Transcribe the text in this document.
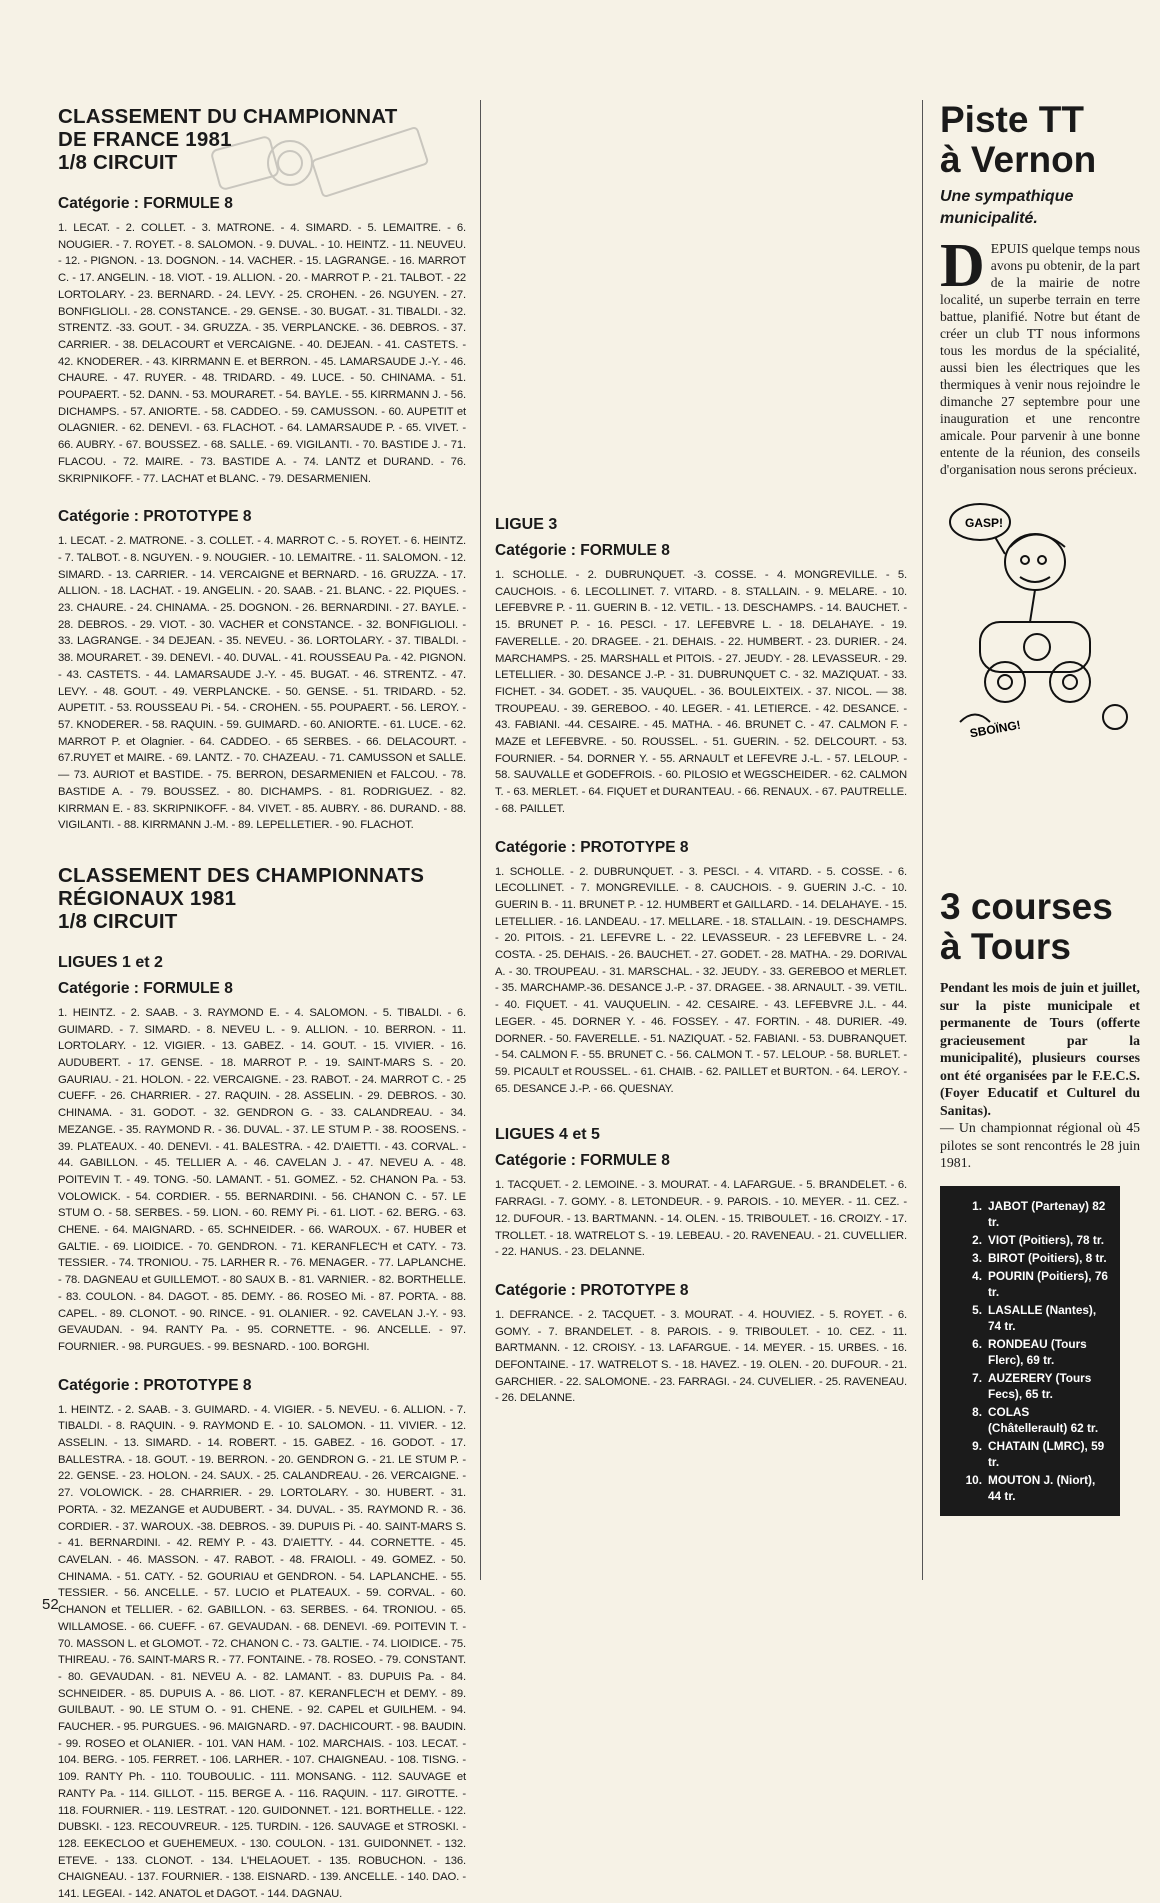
CLASSEMENT DU CHAMPIONNAT
DE FRANCE 1981
1/8 CIRCUIT
Catégorie : FORMULE 8

1. LECAT. - 2. COLLET. - 3. MATRONE. - 4. SIMARD. - 5. LEMAITRE. - 6. NOUGIER. - 7. ROYET. - 8. SALOMON. - 9. DUVAL. - 10. HEINTZ. - 11. NEUVEU. - 12. - PIGNON. - 13. DOGNON. - 14. VACHER. - 15. LAGRANGE. - 16. MARROT C. - 17. ANGELIN. - 18. VIOT. - 19. ALLION. - 20. - MARROT P. - 21. TALBOT. - 22 LORTOLARY. - 23. BERNARD. - 24. LEVY. - 25. CROHEN. - 26. NGUYEN. - 27. BONFIGLIOLI. - 28. CONSTANCE. - 29. GENSE. - 30. BUGAT. - 31. TIBALDI. - 32. STRENTZ. -33. GOUT. - 34. GRUZZA. - 35. VERPLANCKE. - 36. DEBROS. - 37. CARRIER. - 38. DELACOURT et VERCAIGNE. - 40. DEJEAN. - 41. CASTETS. - 42. KNODERER. - 43. KIRRMANN E. et BERRON. - 45. LAMARSAUDE J.-Y. - 46. CHAURE. - 47. RUYER. - 48. TRIDARD. - 49. LUCE. - 50. CHINAMA. - 51. POUPAERT. - 52. DANN. - 53. MOURARET. - 54. BAYLE. - 55. KIRRMANN J. - 56. DICHAMPS. - 57. ANIORTE. - 58. CADDEO. - 59. CAMUSSON. - 60. AUPETIT et OLAGNIER. - 62. DENEVI. - 63. FLACHOT. - 64. LAMARSAUDE P. - 65. VIVET. - 66. AUBRY. - 67. BOUSSEZ. - 68. SALLE. - 69. VIGILANTI. - 70. BASTIDE J. - 71. FLACOU. - 72. MAIRE. - 73. BASTIDE A. - 74. LANTZ et DURAND. - 76. SKRIPNIKOFF. - 77. LACHAT et BLANC. - 79. DESARMENIEN.

Catégorie : PROTOTYPE 8

1. LECAT. - 2. MATRONE. - 3. COLLET. - 4. MARROT C. - 5. ROYET. - 6. HEINTZ. - 7. TALBOT. - 8. NGUYEN. - 9. NOUGIER. - 10. LEMAITRE. - 11. SALOMON. - 12. SIMARD. - 13. CARRIER. - 14. VERCAIGNE et BERNARD. - 16. GRUZZA. - 17. ALLION. - 18. LACHAT. - 19. ANGELIN. - 20. SAAB. - 21. BLANC. - 22. PIQUES. - 23. CHAURE. - 24. CHINAMA. - 25. DOGNON. - 26. BERNARDINI. - 27. BAYLE. - 28. DEBROS. - 29. VIOT. - 30. VACHER et CONSTANCE. - 32. BONFIGLIOLI. - 33. LAGRANGE. - 34 DEJEAN. - 35. NEVEU. - 36. LORTOLARY. - 37. TIBALDI. - 38. MOURARET. - 39. DENEVI. - 40. DUVAL. - 41. ROUSSEAU Pa. - 42. PIGNON. - 43. CASTETS. - 44. LAMARSAUDE J.-Y. - 45. BUGAT. - 46. STRENTZ. - 47. LEVY. - 48. GOUT. - 49. VERPLANCKE. - 50. GENSE. - 51. TRIDARD. - 52. AUPETIT. - 53. ROUSSEAU Pi. - 54. - CROHEN. - 55. POUPAERT. - 56. LEROY. - 57. KNODERER. - 58. RAQUIN. - 59. GUIMARD. - 60. ANIORTE. - 61. LUCE. - 62. MARROT P. et Olagnier. - 64. CADDEO. - 65 SERBES. - 66. DELACOURT. - 67.RUYET et MAIRE. - 69. LANTZ. - 70. CHAZEAU. - 71. CAMUSSON et SALLE. — 73. AURIOT et BASTIDE. - 75. BERRON, DESARMENIEN et FALCOU. - 78. BASTIDE A. - 79. BOUSSEZ. - 80. DICHAMPS. - 81. RODRIGUEZ. - 82. KIRRMAN E. - 83. SKRIPNIKOFF. - 84. VIVET. - 85. AUBRY. - 86. DURAND. - 88. VIGILANTI. - 88. KIRRMANN J.-M. - 89. LEPELLETIER. - 90. FLACHOT.

CLASSEMENT DES CHAMPIONNATS
RÉGIONAUX 1981
1/8 CIRCUIT
LIGUES 1 et 2
Catégorie : FORMULE 8

1. HEINTZ. - 2. SAAB. - 3. RAYMOND E. - 4. SALOMON. - 5. TIBALDI. - 6. GUIMARD. - 7. SIMARD. - 8. NEVEU L. - 9. ALLION. - 10. BERRON. - 11. LORTOLARY. - 12. VIGIER. - 13. GABEZ. - 14. GOUT. - 15. VIVIER. - 16. AUDUBERT. - 17. GENSE. - 18. MARROT P. - 19. SAINT-MARS S. - 20. GAURIAU. - 21. HOLON. - 22. VERCAIGNE. - 23. RABOT. - 24. MARROT C. - 25 CUEFF. - 26. CHARRIER. - 27. RAQUIN. - 28. ASSELIN. - 29. DEBROS. - 30. CHINAMA. - 31. GODOT. - 32. GENDRON G. - 33. CALANDREAU. - 34. MEZANGE. - 35. RAYMOND R. - 36. DUVAL. - 37. LE STUM P. - 38. ROOSENS. - 39. PLATEAUX. - 40. DENEVI. - 41. BALESTRA. - 42. D'AIETTI. - 43. CORVAL. - 44. GABILLON. - 45. TELLIER A. - 46. CAVELAN J. - 47. NEVEU A. - 48. POITEVIN T. - 49. TONG. -50. LAMANT. - 51. GOMEZ. - 52. CHANON Pa. - 53. VOLOWICK. - 54. CORDIER. - 55. BERNARDINI. - 56. CHANON C. - 57. LE STUM O. - 58. SERBES. - 59. LION. - 60. REMY Pi. - 61. LIOT. - 62. BERG. - 63. CHENE. - 64. MAIGNARD. - 65. SCHNEIDER. - 66. WAROUX. - 67. HUBER et GALTIE. - 69. LIOIDICE. - 70. GENDRON. - 71. KERANFLEC'H et CATY. - 73. TESSIER. - 74. TRONIOU. - 75. LARHER R. - 76. MENAGER. - 77. LAPLANCHE. - 78. DAGNEAU et GUILLEMOT. - 80 SAUX B. - 81. VARNIER. - 82. BORTHELLE. - 83. COULON. - 84. DAGOT. - 85. DEMY. - 86. ROSEO Mi. - 87. PORTA. - 88. CAPEL. - 89. CLONOT. - 90. RINCE. - 91. OLANIER. - 92. CAVELAN J.-Y. - 93. GEVAUDAN. - 94. RANTY Pa. - 95. CORNETTE. - 96. ANCELLE. - 97. FOURNIER. - 98. PURGUES. - 99. BESNARD. - 100. BORGHI.

Catégorie : PROTOTYPE 8

1. HEINTZ. - 2. SAAB. - 3. GUIMARD. - 4. VIGIER. - 5. NEVEU. - 6. ALLION. - 7. TIBALDI. - 8. RAQUIN. - 9. RAYMOND E. - 10. SALOMON. - 11. VIVIER. - 12. ASSELIN. - 13. SIMARD. - 14. ROBERT. - 15. GABEZ. - 16. GODOT. - 17. BALLESTRA. - 18. GOUT. - 19. BERRON. - 20. GENDRON G. - 21. LE STUM P. - 22. GENSE. - 23. HOLON. - 24. SAUX. - 25. CALANDREAU. - 26. VERCAIGNE. - 27. VOLOWICK. - 28. CHARRIER. - 29. LORTOLARY. - 30. HUBERT. - 31. PORTA. - 32. MEZANGE et AUDUBERT. - 34. DUVAL. - 35. RAYMOND R. - 36. CORDIER. - 37. WAROUX. -38. DEBROS. - 39. DUPUIS Pi. - 40. SAINT-MARS S. - 41. BERNARDINI. - 42. REMY P. - 43. D'AIETTY. - 44. CORNETTE. - 45. CAVELAN. - 46. MASSON. - 47. RABOT. - 48. FRAIOLI. - 49. GOMEZ. - 50. CHINAMA. - 51. CATY. - 52. GOURIAU et GENDRON. - 54. LAPLANCHE. - 55. TESSIER. - 56. ANCELLE. - 57. LUCIO et PLATEAUX. - 59. CORVAL. - 60. CHANON et TELLIER. - 62. GABILLON. - 63. SERBES. - 64. TRONIOU. - 65. WILLAMOSE. - 66. CUEFF. - 67. GEVAUDAN. - 68. DENEVI. -69. POITEVIN T. - 70. MASSON L. et GLOMOT. - 72. CHANON C. - 73. GALTIE. - 74. LIOIDICE. - 75. THIREAU. - 76. SAINT-MARS R. - 77. FONTAINE. - 78. ROSEO. - 79. CONSTANT. - 80. GEVAUDAN. - 81. NEVEU A. - 82. LAMANT. - 83. DUPUIS Pa. - 84. SCHNEIDER. - 85. DUPUIS A. - 86. LIOT. - 87. KERANFLEC'H et DEMY. - 89. GUILBAUT. - 90. LE STUM O. - 91. CHENE. - 92. CAPEL et GUILHEM. - 94. FAUCHER. - 95. PURGUES. - 96. MAIGNARD. - 97. DACHICOURT. - 98. BAUDIN. - 99. ROSEO et OLANIER. - 101. VAN HAM. - 102. MARCHAIS. - 103. LECAT. - 104. BERG. - 105. FERRET. - 106. LARHER. - 107. CHAIGNEAU. - 108. TISNG. - 109. RANTY Ph. - 110. TOUBOULIC. - 111. MONSANG. - 112. SAUVAGE et RANTY Pa. - 114. GILLOT. - 115. BERGE A. - 116. RAQUIN. - 117. GIROTTE. - 118. FOURNIER. - 119. LESTRAT. - 120. GUIDONNET. - 121. BORTHELLE. - 122. DUBSKI. - 123. RECOUVREUR. - 125. TURDIN. - 126. SAUVAGE et STROSKI. - 128. EEKECLOO et GUEHEMEUX. - 130. COULON. - 131. GUIDONNET. - 132. ETEVE. - 133. CLONOT. - 134. L'HELAOUET. - 135. ROBUCHON. - 136. CHAIGNEAU. - 137. FOURNIER. - 138. EISNARD. - 139. ANCELLE. - 140. DAO. - 141. LEGEAI. - 142. ANATOL et DAGOT. - 144. DAGNAU.

LIGUE 3
Catégorie : FORMULE 8

1. SCHOLLE. - 2. DUBRUNQUET. -3. COSSE. - 4. MONGREVILLE. - 5. CAUCHOIS. - 6. LECOLLINET. 7. VITARD. - 8. STALLAIN. - 9. MELARE. - 10. LEFEBVRE P. - 11. GUERIN B. - 12. VETIL. - 13. DESCHAMPS. - 14. BAUCHET. - 15. BRUNET P. - 16. PESCI. - 17. LEFEBVRE L. - 18. DELAHAYE. - 19. FAVERELLE. - 20. DRAGEE. - 21. DEHAIS. - 22. HUMBERT. - 23. DURIER. - 24. MARCHAMPS. - 25. MARSHALL et PITOIS. - 27. JEUDY. - 28. LEVASSEUR. - 29. LETELLIER. - 30. DESANCE J.-P. - 31. DUBRUNQUET C. - 32. MAZIQUAT. - 33. FICHET. - 34. GODET. - 35. VAUQUEL. - 36. BOULEIXTEIX. - 37. NICOL. — 38. TROUPEAU. - 39. GEREBOO. - 40. LEGER. - 41. LETIERCE. - 42. DESANCE. - 43. FABIANI. -44. CESAIRE. - 45. MATHA. - 46. BRUNET C. - 47. CALMON F. - MAZE et LEFEBVRE. - 50. ROUSSEL. - 51. GUERIN. - 52. DELCOURT. - 53. FOURNIER. - 54. DORNER Y. - 55. ARNAULT et LEFEVRE J.-L. - 57. LELOUP. - 58. SAUVALLE et GODEFROIS. - 60. PILOSIO et WEGSCHEIDER. - 62. CALMON T. - 63. MERLET. - 64. FIQUET et DURANTEAU. - 66. RENAUX. - 67. PAUTRELLE. - 68. PAILLET.

Catégorie : PROTOTYPE 8

1. SCHOLLE. - 2. DUBRUNQUET. - 3. PESCI. - 4. VITARD. - 5. COSSE. - 6. LECOLLINET. - 7. MONGREVILLE. - 8. CAUCHOIS. - 9. GUERIN J.-C. - 10. GUERIN B. - 11. BRUNET P. - 12. HUMBERT et GAILLARD. - 14. DELAHAYE. - 15. LETELLIER. - 16. LANDEAU. - 17. MELLARE. - 18. STALLAIN. - 19. DESCHAMPS. - 20. PITOIS. - 21. LEFEVRE L. - 22. LEVASSEUR. - 23 LEFEBVRE L. - 24. COSTA. - 25. DEHAIS. - 26. BAUCHET. - 27. GODET. - 28. MATHA. - 29. DORIVAL A. - 30. TROUPEAU. - 31. MARSCHAL. - 32. JEUDY. - 33. GEREBOO et MERLET. - 35. MARCHAMP.-36. DESANCE J.-P. - 37. DRAGEE. - 38. ARNAULT. - 39. VETIL. - 40. FIQUET. - 41. VAUQUELIN. - 42. CESAIRE. - 43. LEFEBVRE J.L. - 44. LEGER. - 45. DORNER Y. - 46. FOSSEY. - 47. FORTIN. - 48. DURIER. -49. DORNER. - 50. FAVERELLE. - 51. NAZIQUAT. - 52. FABIANI. - 53. DUBRANQUET. - 54. CALMON F. - 55. BRUNET C. - 56. CALMON T. - 57. LELOUP. - 58. BURLET. - 59. PICAULT et ROUSSEL. - 61. CHAIB. - 62. PAILLET et BURTON. - 64. LEROY. - 65. DESANCE J.-P. - 66. QUESNAY.

LIGUES 4 et 5
Catégorie : FORMULE 8

1. TACQUET. - 2. LEMOINE. - 3. MOURAT. - 4. LAFARGUE. - 5. BRANDELET. - 6. FARRAGI. - 7. GOMY. - 8. LETONDEUR. - 9. PAROIS. - 10. MEYER. - 11. CEZ. - 12. DUFOUR. - 13. BARTMANN. - 14. OLEN. - 15. TRIBOULET. - 16. CROIZY. - 17. TROLLET. - 18. WATRELOT S. - 19. LEBEAU. - 20. RAVENEAU. - 21. CUVELLIER. - 22. HANUS. - 23. DELANNE.

Catégorie : PROTOTYPE 8

1. DEFRANCE. - 2. TACQUET. - 3. MOURAT. - 4. HOUVIEZ. - 5. ROYET. - 6. GOMY. - 7. BRANDELET. - 8. PAROIS. - 9. TRIBOULET. - 10. CEZ. - 11. BARTMANN. - 12. CROISY. - 13. LAFARGUE. - 14. MEYER. - 15. URBES. - 16. DEFONTAINE. - 17. WATRELOT S. - 18. HAVEZ. - 19. OLEN. - 20. DUFOUR. - 21. GARCHIER. - 22. SALOMONE. - 23. FARRAGI. - 24. CUVELIER. - 25. RAVENEAU. - 26. DELANNE.

Piste TT
à Vernon

Une sympathique
municipalité.

DEPUIS quelque temps nous avons pu obtenir, de la part de la mairie de notre localité, un superbe terrain en terre battue, planifié. Notre but étant de créer un club TT nous informons tous les mordus de la spécialité, aussi bien les électriques que les thermiques à venir nous rejoindre le dimanche 27 septembre pour une inauguration et une rencontre amicale. Pour parvenir à une bonne entente de la réunion, des conseils d'organisation nous serons précieux.

GASP!
SBOÏNG!
3 courses
à Tours

Pendant les mois de juin et juillet, sur la piste municipale et permanente de Tours (offerte gracieusement par la municipalité), plusieurs courses ont été organisées par le F.E.C.S. (Foyer Educatif et Culturel du Sanitas).

— Un championnat régional où 45 pilotes se sont rencontrés le 28 juin 1981.

1. JABOT (Partenay) 82 tr.
2. VIOT (Poitiers), 78 tr.
3. BIROT (Poitiers), 8 tr.
4. POURIN (Poitiers), 76 tr.
5. LASALLE (Nantes), 74 tr.
6. RONDEAU (Tours Flerc), 69 tr.
7. AUZERERY (Tours Fecs), 65 tr.
8. COLAS (Châtellerault) 62 tr.
9. CHATAIN (LMRC), 59 tr.
10. MOUTON J. (Niort), 44 tr.
52
